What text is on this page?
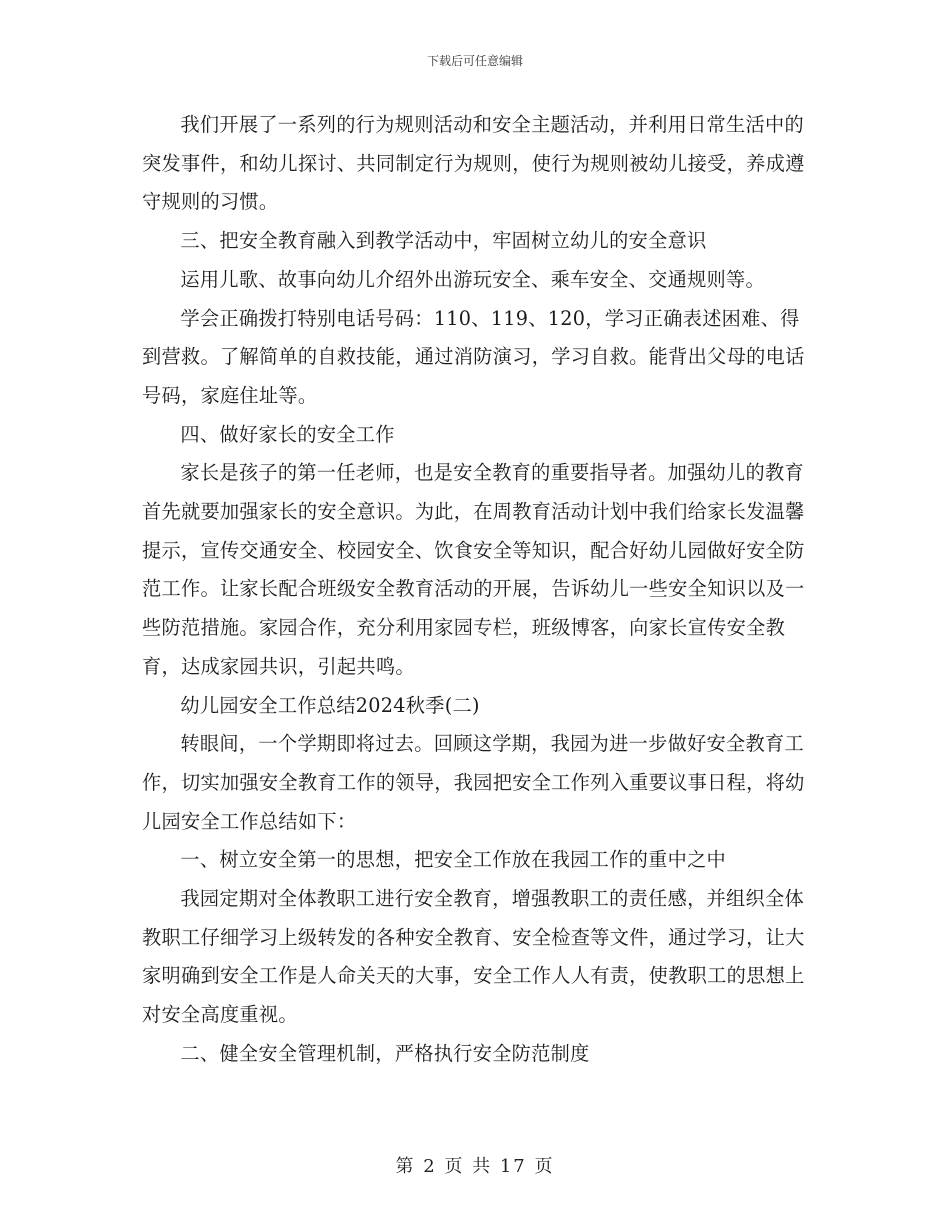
下载后可任意编辑

我们开展了一系列的行为规则活动和安全主题活动，并利用日常生活中的突发事件，和幼儿探讨、共同制定行为规则，使行为规则被幼儿接受，养成遵守规则的习惯。

三、把安全教育融入到教学活动中，牢固树立幼儿的安全意识

运用儿歌、故事向幼儿介绍外出游玩安全、乘车安全、交通规则等。

学会正确拨打特别电话号码：110、119、120，学习正确表述困难、得到营救。了解简单的自救技能，通过消防演习，学习自救。能背出父母的电话号码，家庭住址等。

四、做好家长的安全工作

家长是孩子的第一任老师，也是安全教育的重要指导者。加强幼儿的教育首先就要加强家长的安全意识。为此，在周教育活动计划中我们给家长发温馨提示，宣传交通安全、校园安全、饮食安全等知识，配合好幼儿园做好安全防范工作。让家长配合班级安全教育活动的开展，告诉幼儿一些安全知识以及一些防范措施。家园合作，充分利用家园专栏，班级博客，向家长宣传安全教育，达成家园共识，引起共鸣。

幼儿园安全工作总结2024秋季(二)

转眼间，一个学期即将过去。回顾这学期，我园为进一步做好安全教育工作，切实加强安全教育工作的领导，我园把安全工作列入重要议事日程，将幼儿园安全工作总结如下：

一、树立安全第一的思想，把安全工作放在我园工作的重中之中

我园定期对全体教职工进行安全教育，增强教职工的责任感，并组织全体教职工仔细学习上级转发的各种安全教育、安全检查等文件，通过学习，让大家明确到安全工作是人命关天的大事，安全工作人人有责，使教职工的思想上对安全高度重视。

二、健全安全管理机制，严格执行安全防范制度

第 2 页 共 17 页
